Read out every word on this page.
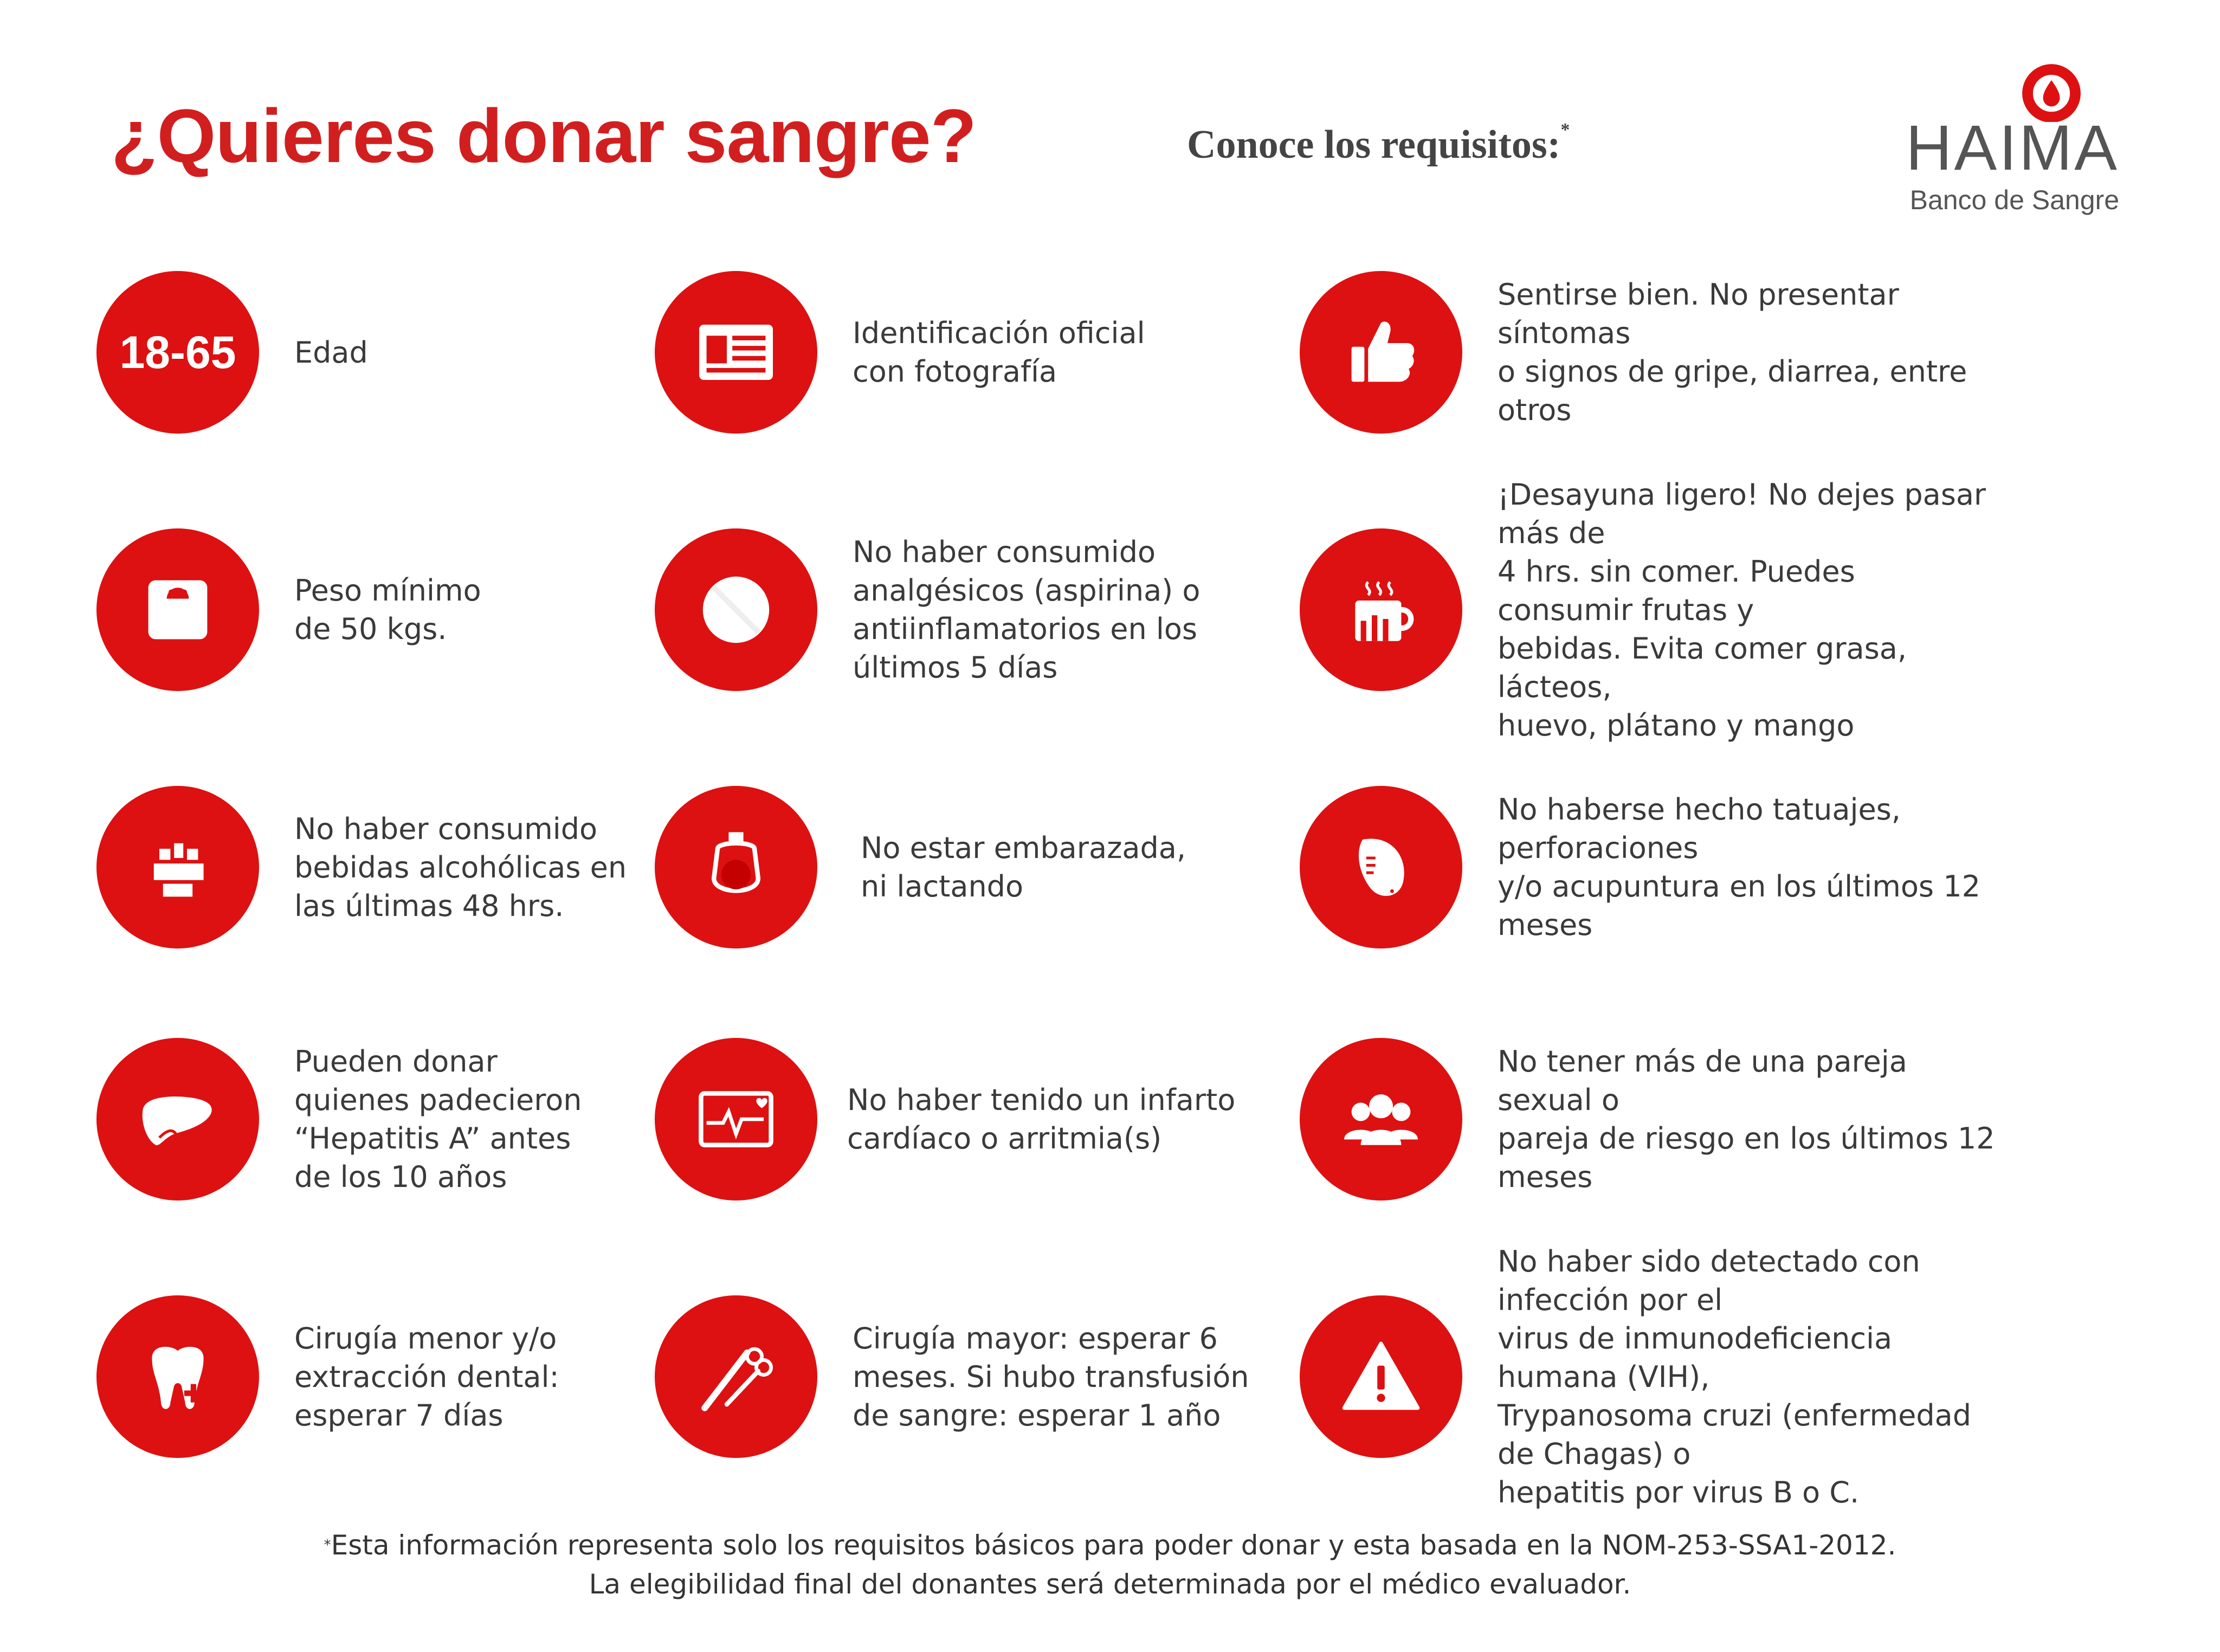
¿Quieres donar sangre?	Conoce los requisitos:*	HAIMA
Banco de Sangre
18-65 Edad
Identificación oficial
con fotografía
Sentirse bien. No presentar síntomas
o signos de gripe, diarrea, entre otros
Peso mínimo
de 50 kgs.
No haber consumido
analgésicos (aspirina) o
antiinflamatorios en los
últimos 5 días
¡Desayuna ligero! No dejes pasar más de
4 hrs. sin comer. Puedes consumir frutas y
bebidas. Evita comer grasa, lácteos,
huevo, plátano y mango
No haber consumido
bebidas alcohólicas en
las últimas 48 hrs.
No estar embarazada,
ni lactando
No haberse hecho tatuajes, perforaciones
y/o acupuntura en los últimos 12 meses
Pueden donar
quienes padecieron
“Hepatitis A” antes
de los 10 años
No haber tenido un infarto
cardíaco o arritmia(s)
No tener más de una pareja sexual o
pareja de riesgo en los últimos 12 meses
Cirugía menor y/o
extracción dental:
esperar 7 días
Cirugía mayor: esperar 6
meses. Si hubo transfusión
de sangre: esperar 1 año
No haber sido detectado con infección por el
virus de inmunodeficiencia humana (VIH),
Trypanosoma cruzi (enfermedad de Chagas) o
hepatitis por virus B o C.
*Esta información representa solo los requisitos básicos para poder donar y esta basada en la NOM-253-SSA1-2012.
La elegibilidad final del donantes será determinada por el médico evaluador.
